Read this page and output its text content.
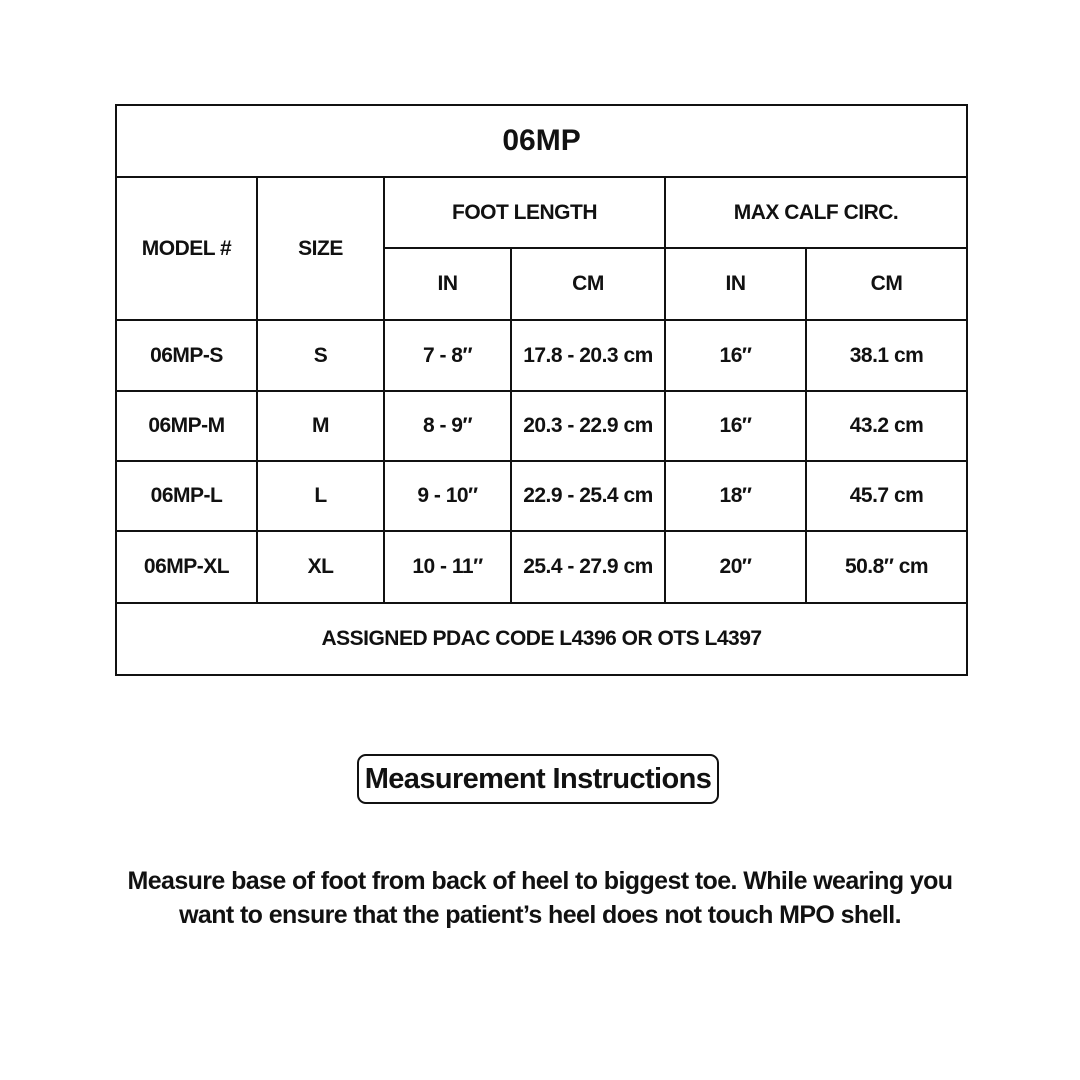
06MP					
MODEL #	SIZE	FOOT LENGTH		MAX CALF CIRC.	
		IN	CM	IN	CM
06MP-S	S	7 - 8″	17.8 - 20.3 cm	16″	38.1 cm
06MP-M	M	8 - 9″	20.3 - 22.9 cm	16″	43.2 cm
06MP-L	L	9 - 10″	22.9 - 25.4 cm	18″	45.7 cm
06MP-XL	XL	10 - 11″	25.4 - 27.9 cm	20″	50.8″ cm
ASSIGNED PDAC CODE L4396 OR OTS L4397					
Measurement Instructions
Measure base of foot from back of heel to biggest toe. While wearing you
want to ensure that the patient’s heel does not touch MPO shell.
